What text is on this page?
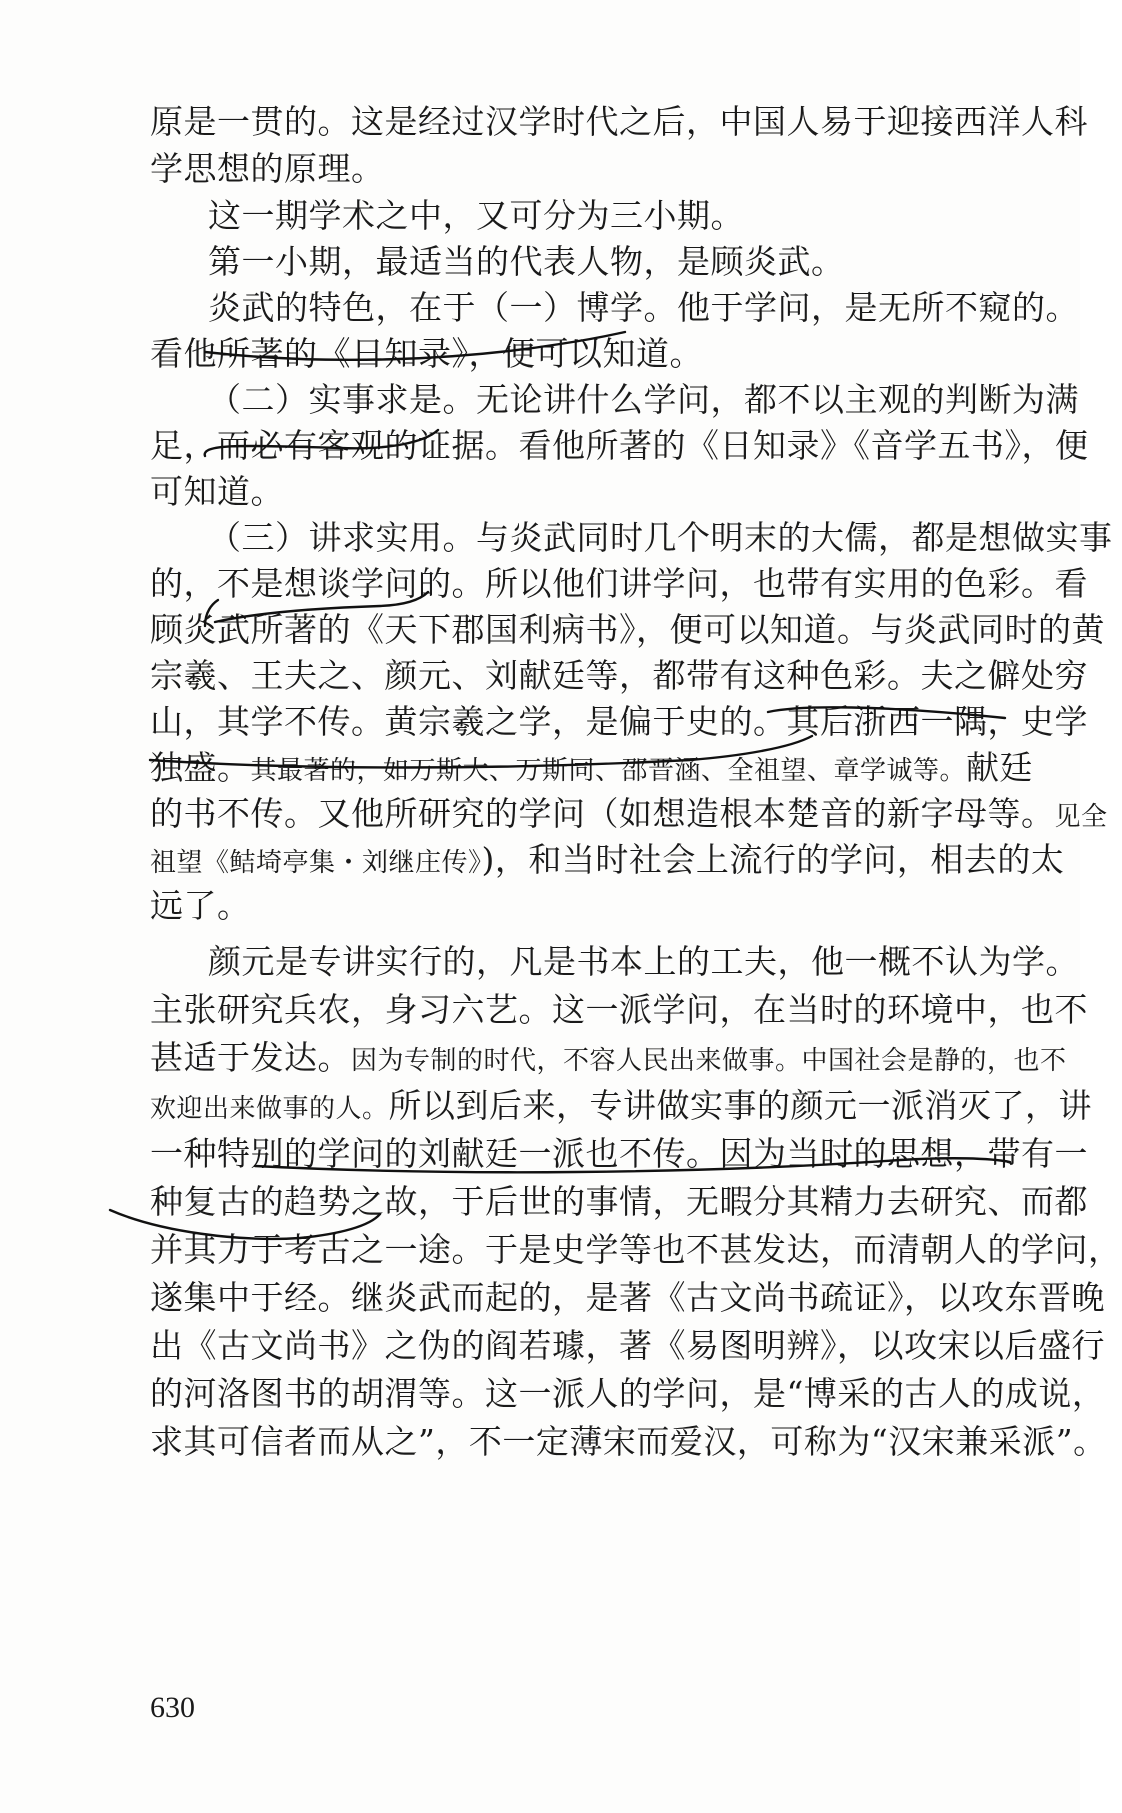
原是一贯的。这是经过汉学时代之后，中国人易于迎接西洋人科
学思想的原理。
这一期学术之中，又可分为三小期。
第一小期，最适当的代表人物，是顾炎武。
炎武的特色，在于（一）博学。他于学问，是无所不窥的。
看他所著的《日知录》，便可以知道。
（二）实事求是。无论讲什么学问，都不以主观的判断为满
足，而必有客观的证据。看他所著的《日知录》《音学五书》，便
可知道。
（三）讲求实用。与炎武同时几个明末的大儒，都是想做实事
的，不是想谈学问的。所以他们讲学问，也带有实用的色彩。看
顾炎武所著的《天下郡国利病书》，便可以知道。与炎武同时的黄
宗羲、王夫之、颜元、刘献廷等，都带有这种色彩。夫之僻处穷
山，其学不传。黄宗羲之学，是偏于史的。其后浙西一隅，史学
独盛。其最著的，如万斯大、万斯同、邵晋涵、全祖望、章学诚等。献廷
的书不传。又他所研究的学问（如想造根本楚音的新字母等。见全
祖望《鲒埼亭集・刘继庄传》)，和当时社会上流行的学问，相去的太
远了。
颜元是专讲实行的，凡是书本上的工夫，他一概不认为学。
主张研究兵农，身习六艺。这一派学问，在当时的环境中，也不
甚适于发达。因为专制的时代，不容人民出来做事。中国社会是静的，也不
欢迎出来做事的人。所以到后来，专讲做实事的颜元一派消灭了，讲
一种特别的学问的刘献廷一派也不传。因为当时的思想，带有一
种复古的趋势之故，于后世的事情，无暇分其精力去研究、而都
并其力于考古之一途。于是史学等也不甚发达，而清朝人的学问，
遂集中于经。继炎武而起的，是著《古文尚书疏证》，以攻东晋晚
出《古文尚书》之伪的阎若璩，著《易图明辨》，以攻宋以后盛行
的河洛图书的胡渭等。这一派人的学问，是“博采的古人的成说，
求其可信者而从之”，不一定薄宋而爱汉，可称为“汉宋兼采派”。
630
